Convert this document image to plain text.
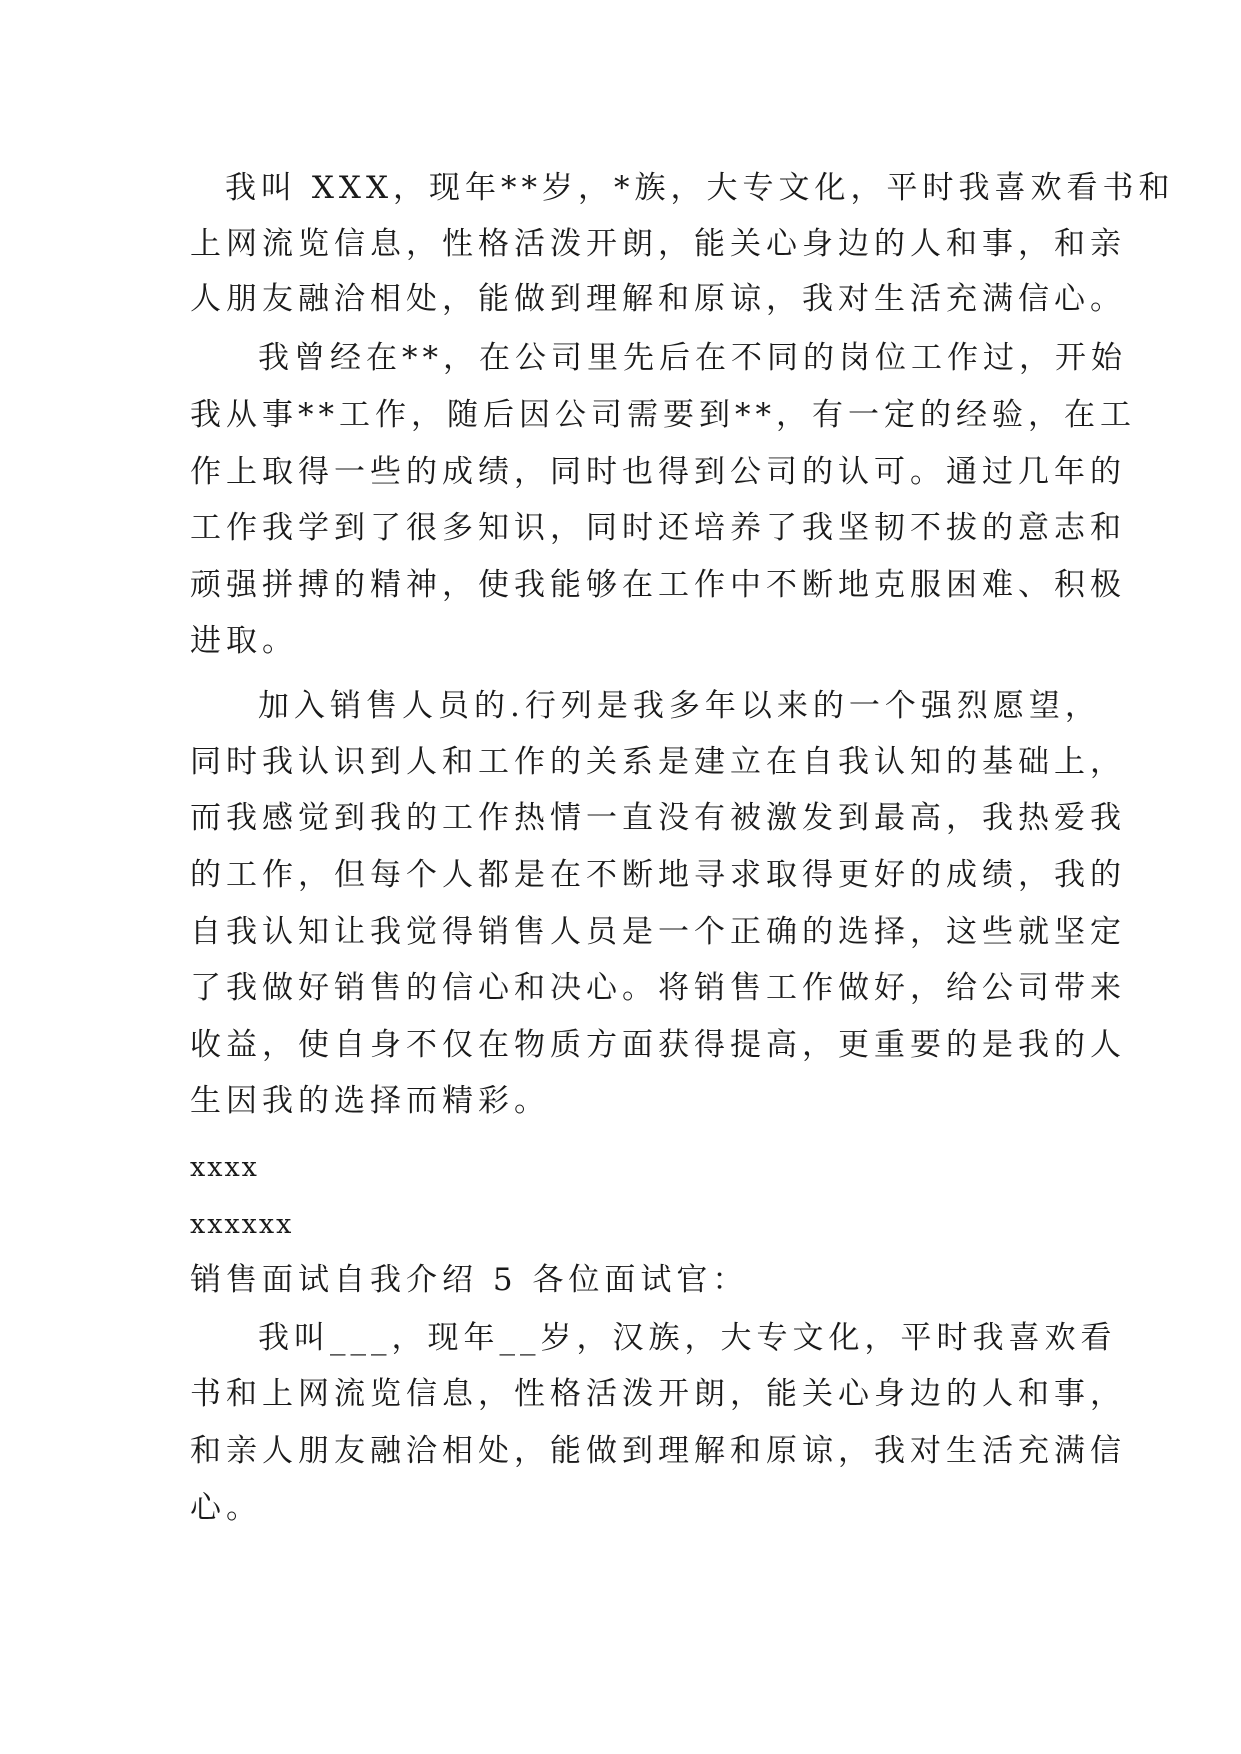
我叫 XXX，现年**岁，*族，大专文化，平时我喜欢看书和
上网流览信息，性格活泼开朗，能关心身边的人和事，和亲
人朋友融洽相处，能做到理解和原谅，我对生活充满信心。
我曾经在**，在公司里先后在不同的岗位工作过，开始
我从事**工作，随后因公司需要到**，有一定的经验，在工
作上取得一些的成绩，同时也得到公司的认可。通过几年的
工作我学到了很多知识，同时还培养了我坚韧不拔的意志和
顽强拼搏的精神，使我能够在工作中不断地克服困难、积极
进取。
加入销售人员的.行列是我多年以来的一个强烈愿望，
同时我认识到人和工作的关系是建立在自我认知的基础上，
而我感觉到我的工作热情一直没有被激发到最高，我热爱我
的工作，但每个人都是在不断地寻求取得更好的成绩，我的
自我认知让我觉得销售人员是一个正确的选择，这些就坚定
了我做好销售的信心和决心。将销售工作做好，给公司带来
收益，使自身不仅在物质方面获得提高，更重要的是我的人
生因我的选择而精彩。
xxxx
xxxxxx
销售面试自我介绍 5 各位面试官：
我叫___，现年__岁，汉族，大专文化，平时我喜欢看
书和上网流览信息，性格活泼开朗，能关心身边的人和事，
和亲人朋友融洽相处，能做到理解和原谅，我对生活充满信
心。
